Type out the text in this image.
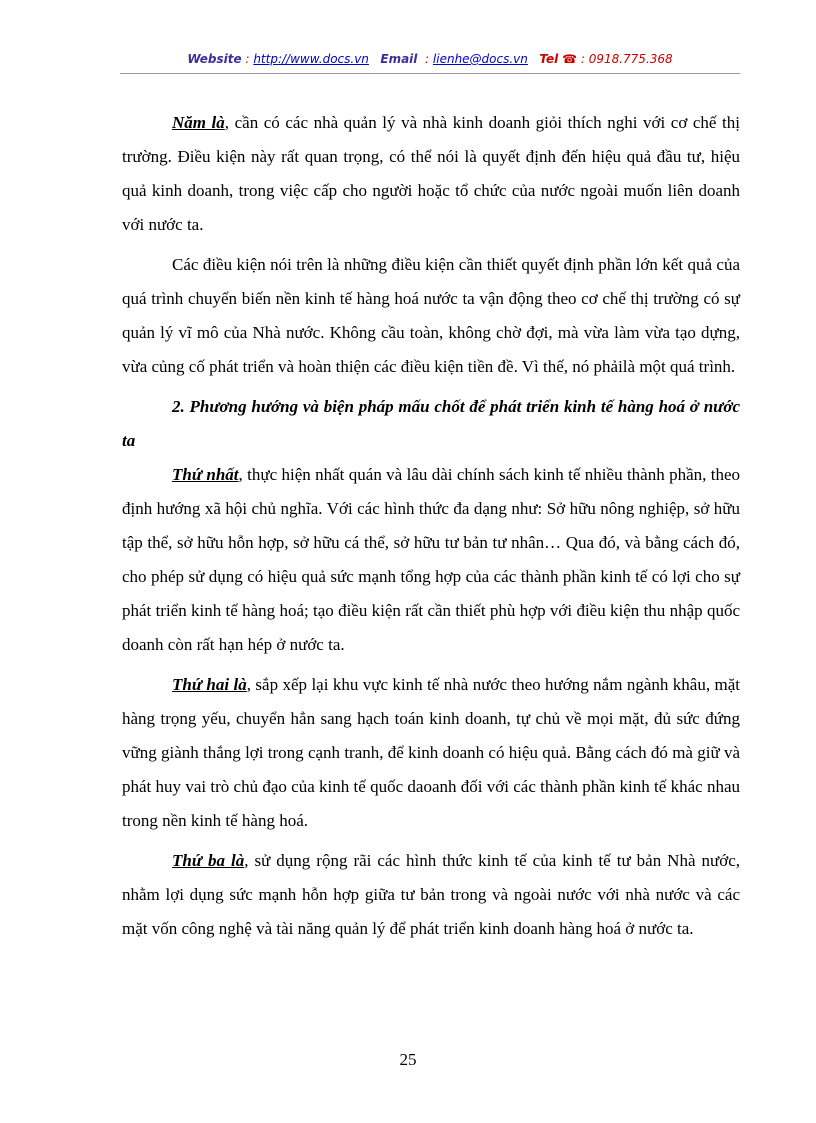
Website : http://www.docs.vn Email  : lienhe@docs.vn Tel ☎ : 0918.775.368

Năm là, cần có các nhà quản lý và nhà kinh doanh giỏi thích nghi với cơ chế thị trường. Điều kiện này rất quan trọng, có thể nói là quyết định đến hiệu quả đầu tư, hiệu quả kinh doanh, trong việc cấp cho người hoặc tổ chức của nước ngoài muốn liên doanh với nước ta.

Các điều kiện nói trên là những điều kiện cần thiết quyết định phần lớn kết quả của quá trình chuyển biến nền kinh tế hàng hoá nước ta vận động theo cơ chế thị trường có sự quản lý vĩ mô của Nhà nước. Không cầu toàn, không chờ đợi, mà vừa làm vừa tạo dựng, vừa củng cố phát triển và hoàn thiện các điều kiện tiền đề. Vì thế, nó phảilà một quá trình.

2. Phương hướng và biện pháp mấu chốt để phát triển kinh tế hàng hoá ở nước ta

Thứ nhất, thực hiện nhất quán và lâu dài chính sách kinh tế nhiều thành phần, theo định hướng xã hội chủ nghĩa. Với các hình thức đa dạng như: Sở hữu nông nghiệp, sở hữu tập thể, sở hữu hỗn hợp, sở hữu cá thể, sở hữu tư bản tư nhân… Qua đó, và bằng cách đó, cho phép sử dụng có hiệu quả sức mạnh tổng hợp của các thành phần kinh tế có lợi cho sự phát triển kinh tế hàng hoá; tạo điều kiện rất cần thiết phù hợp với điều kiện thu nhập quốc doanh còn rất hạn hép ở nước ta.

Thứ hai là, sắp xếp lại khu vực kinh tế nhà nước theo hướng nắm ngành khâu, mặt hàng trọng yếu, chuyển hẳn sang hạch toán kinh doanh, tự chủ về mọi mặt, đủ sức đứng vững giành thắng lợi trong cạnh tranh, để kinh doanh có hiệu quả. Bằng cách đó mà giữ và phát huy vai trò chủ đạo của kinh tế quốc daoanh đối với các thành phần kinh tế khác nhau trong nền kinh tế hàng hoá.

Thứ ba là, sử dụng rộng rãi các hình thức kinh tế của kinh tế tư bản Nhà nước, nhằm lợi dụng sức mạnh hỗn hợp giữa tư bản trong và ngoài nước với nhà nước và các mặt vốn công nghệ và tài năng quản lý để phát triển kinh doanh hàng hoá ở nước ta.

25
